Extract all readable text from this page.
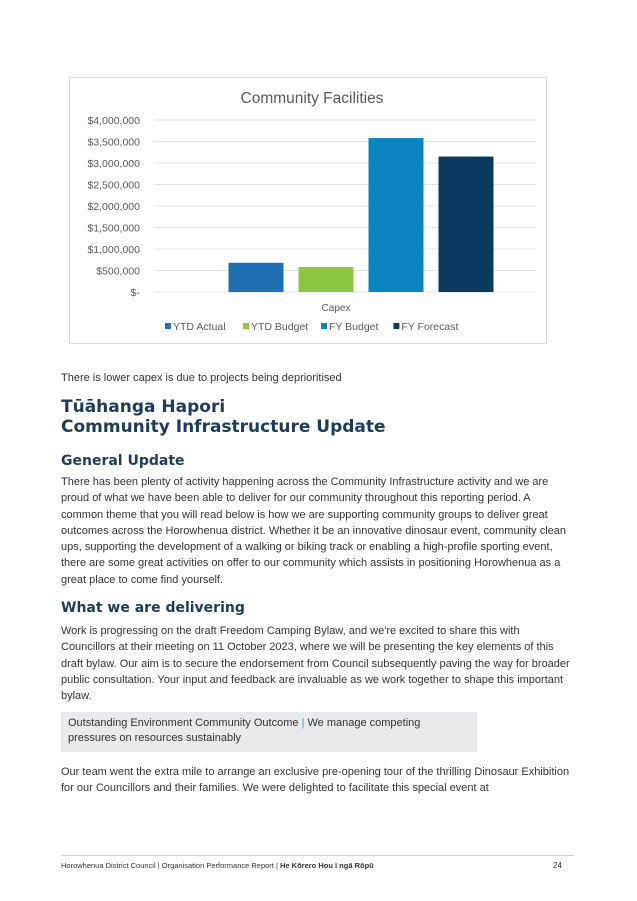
Community Facilities
$-
$500,000
$1,000,000
$1,500,000
$2,000,000
$2,500,000
$3,000,000
$3,500,000
$4,000,000
Capex
YTD Actual YTD Budget FY Budget FY Forecast
There is lower capex is due to projects being deprioritised
Tūāhanga Hapori
Community Infrastructure Update
General Update
There has been plenty of activity happening across the Community Infrastructure activity and we are proud of what we have been able to deliver for our community throughout this reporting period. A common theme that you will read below is how we are supporting community groups to deliver great outcomes across the Horowhenua district. Whether it be an innovative dinosaur event, community clean ups, supporting the development of a walking or biking track or enabling a high-profile sporting event, there are some great activities on offer to our community which assists in positioning Horowhenua as a great place to come find yourself.
What we are delivering
Work is progressing on the draft Freedom Camping Bylaw, and we're excited to share this with Councillors at their meeting on 11 October 2023, where we will be presenting the key elements of this draft bylaw. Our aim is to secure the endorsement from Council subsequently paving the way for broader public consultation. Your input and feedback are invaluable as we work together to shape this important bylaw.
Outstanding Environment Community Outcome | We manage competing pressures on resources sustainably
Our team went the extra mile to arrange an exclusive pre-opening tour of the thrilling Dinosaur Exhibition for our Councillors and their families. We were delighted to facilitate this special event at
Horowhenua District Council | Organisation Performance Report | He Kōrero Hou I ngā Rōpū	24
